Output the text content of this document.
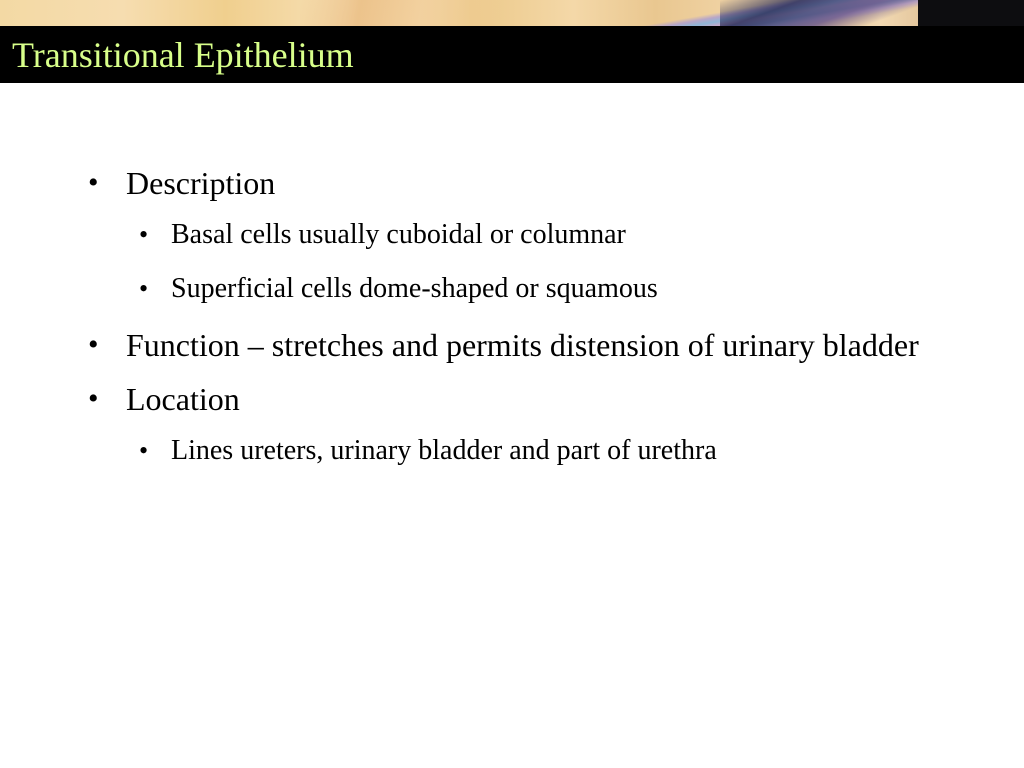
Transitional Epithelium
• Description
• Basal cells usually cuboidal or columnar
• Superficial cells dome-shaped or squamous
• Function – stretches and permits distension of urinary bladder
• Location
• Lines ureters, urinary bladder and part of urethra
